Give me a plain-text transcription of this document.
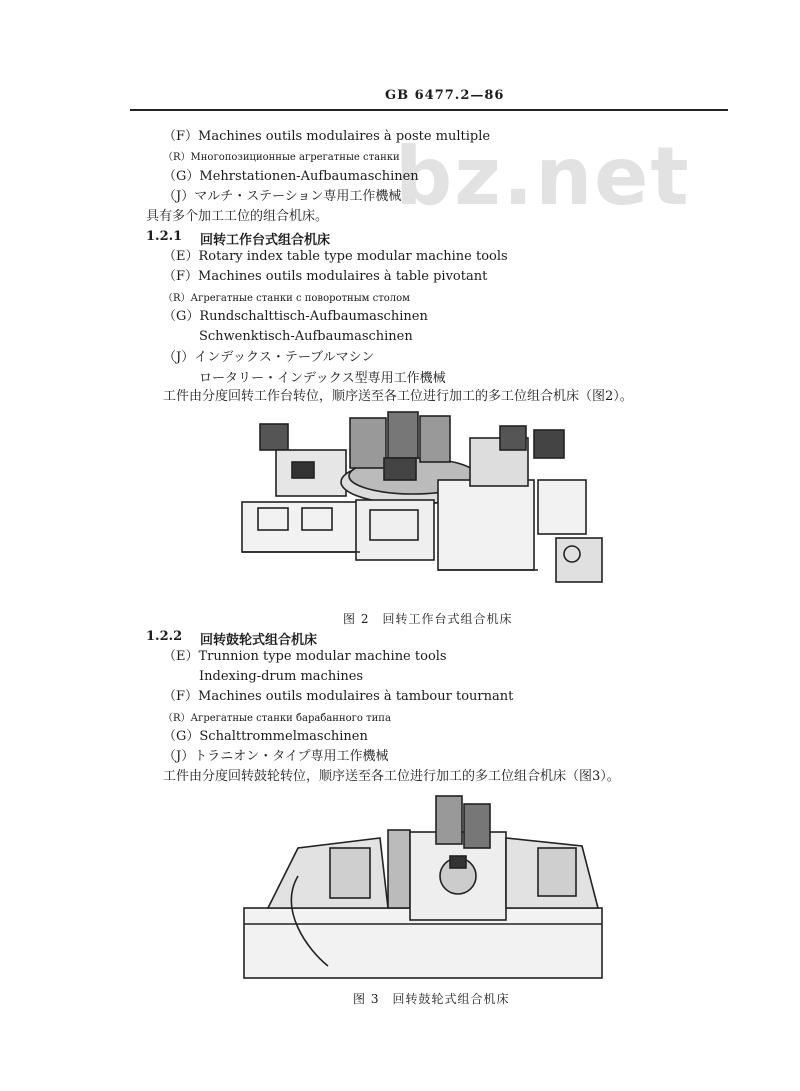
GB 6477.2—86
bz.net
（F）Machines outils modulaires à poste multiple
（R）Многопозиционные агрегатные станки
（G）Mehrstationen-Aufbaumaschinen
（J）マルチ・ステーション専用工作機械
具有多个加工工位的组合机床。
1.2.1 回转工作台式组合机床
（E）Rotary index table type modular machine tools
（F）Machines outils modulaires à table pivotant
（R）Агрегатные станки с поворотным столом
（G）Rundschalttisch-Aufbaumaschinen
Schwenktisch-Aufbaumaschinen
（J）インデックス・テーブルマシン
ロータリー・インデックス型専用工作機械
工件由分度回转工作台转位，顺序送至各工位进行加工的多工位组合机床（图2）。
图 2　回转工作台式组合机床
1.2.2 回转鼓轮式组合机床
（E）Trunnion type modular machine tools
Indexing-drum machines
（F）Machines outils modulaires à tambour tournant
（R）Агрегатные станки барабанного типа
（G）Schalttrommelmaschinen
（J）トラニオン・タイプ専用工作機械
工件由分度回转鼓轮转位，顺序送至各工位进行加工的多工位组合机床（图3）。
图 3　回转鼓轮式组合机床
